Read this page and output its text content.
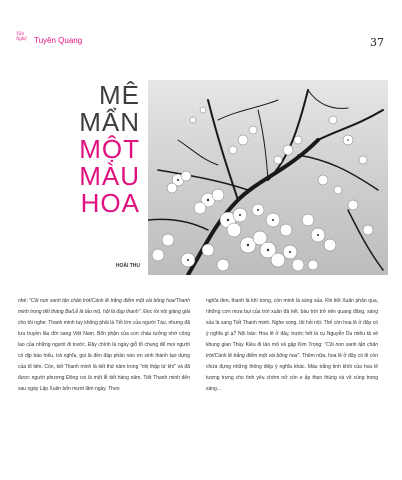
Văn Nghệ Tuyên Quang	37
MÊ
MẨN
MỘT
MÀU
HOA
HOÀI THU

nhé; "Cõi non xanh tận chân trời/Cánh lê trắng điểm một vài bông hoa/Thanh minh trong tiết tháng Ba/Lễ là tảo mộ, hội là đạp thanh". Đọc rồi nội giảng giải cho tôi nghe: Thanh minh tuy không phải là Tết lớn của người Tàu, nhưng đã lưu truyền lâu đời sang Việt Nam. Bổn phận của con cháu tưởng nhớ công lao của những người đi trước. Đây chính là ngày giỗ tổ chung để mọi người có dịp báo hiếu, trả nghĩa, gọi là đền đáp phần nào ơn sinh thành tạo dựng của tổ tiên. Còn, tiết Thanh minh là tiết thứ năm trong "nhị thập tứ khí" và đã được người phương Đông coi là một lễ tiết hàng năm. Tiết Thanh minh đến sau ngày Lập Xuân bốn mươi lăm ngày. Theo

nghĩa đen, thanh là khí trong, còn minh là sáng sủa. Khi tiết Xuân phân qua, những cơn mưa bụi của trời xuân đã hết, bầu trời trở nên quang đãng, sáng sủa là sang Tiết Thanh minh. Nghe xong, tôi hỏi nội: Thế còn hoa lê ở đây có ý nghĩa gì ạ? Nội bảo: Hoa lê ở đây, trước hết là cụ Nguyễn Du miêu tả về khung gian Thúy Kiều đi tảo mộ và gặp Kim Trọng: "Cõi non xanh tận chân trời/Cành lê trắng điểm một vài bông hoa". Thêm nữa, hoa lê ở đây có lẽ còn chứa đựng những thông điệp ý nghĩa khác. Màu trắng tinh khôi của hoa lê tượng trưng cho tình yêu chớm nở còn e ấp thẹn thùng và vô cùng trong sáng...
